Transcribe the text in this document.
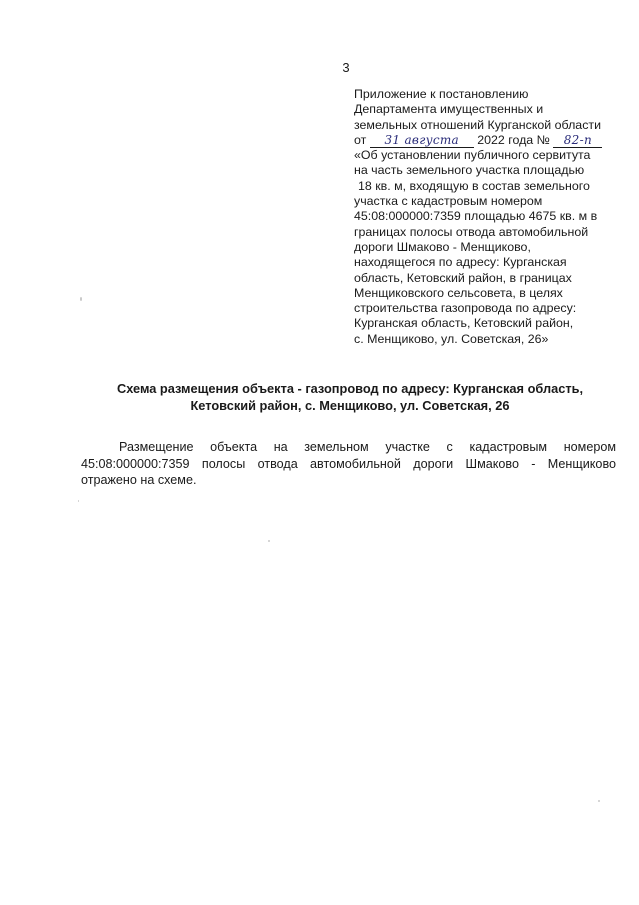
3
Приложение к постановлению
Департамента имущественных и
земельных отношений Курганской области
от 31 августа 2022 года № 82-п
«Об установлении публичного сервитута
на часть земельного участка площадью
18 кв. м, входящую в состав земельного
участка с кадастровым номером
45:08:000000:7359 площадью 4675 кв. м в
границах полосы отвода автомобильной
дороги Шмаково - Менщиково,
находящегося по адресу: Курганская
область, Кетовский район, в границах
Менщиковского сельсовета, в целях
строительства газопровода по адресу:
Курганская область, Кетовский район,
с. Менщиково, ул. Советская, 26»
Схема размещения объекта - газопровод по адресу: Курганская область,
Кетовский район, с. Менщиково, ул. Советская, 26
Размещение объекта на земельном участке с кадастровым номером
45:08:000000:7359 полосы отвода автомобильной дороги Шмаково - Менщиково
отражено на схеме.
